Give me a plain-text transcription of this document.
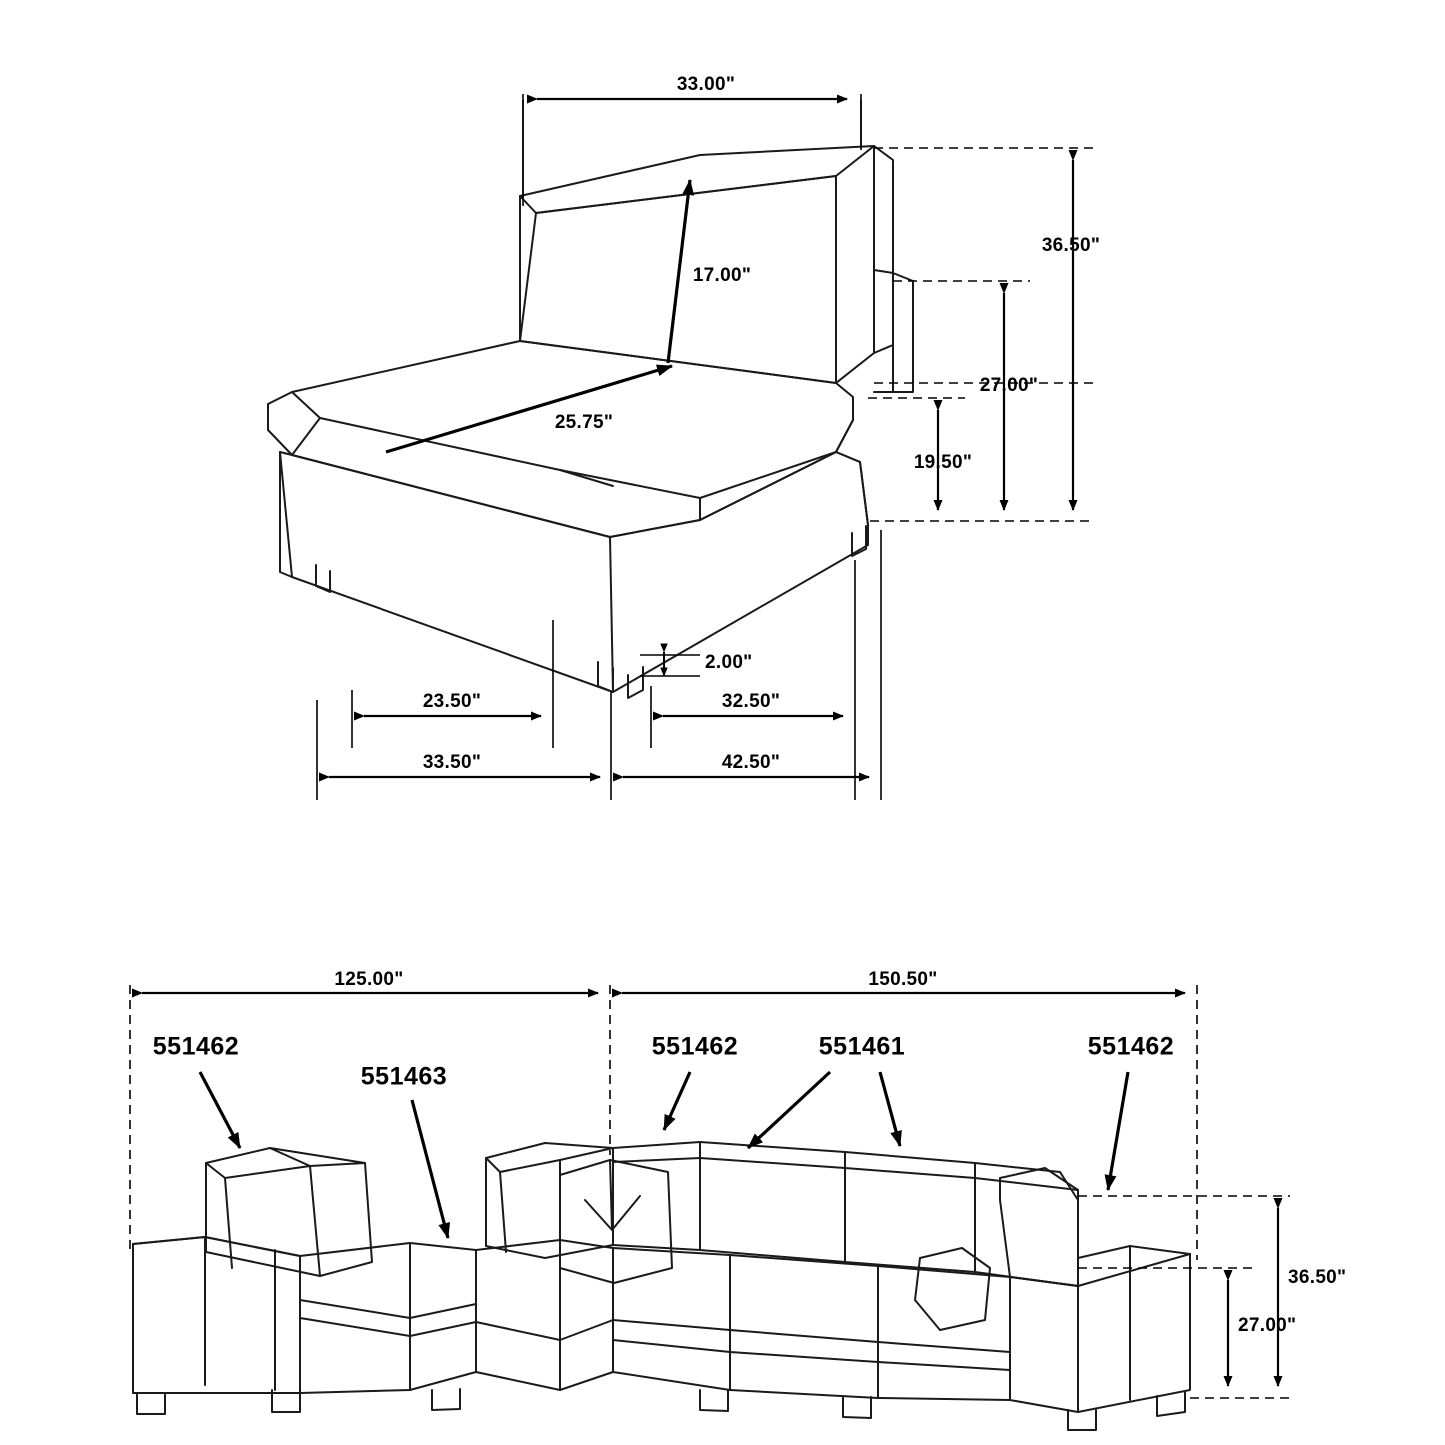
33.00"
17.00"
25.75"
36.50"
27.00"
19.50"
2.00"
23.50"	32.50"
33.50"	42.50"
125.00"	150.50"
36.50"
27.00"
551462
551463
551462	551461	551462
